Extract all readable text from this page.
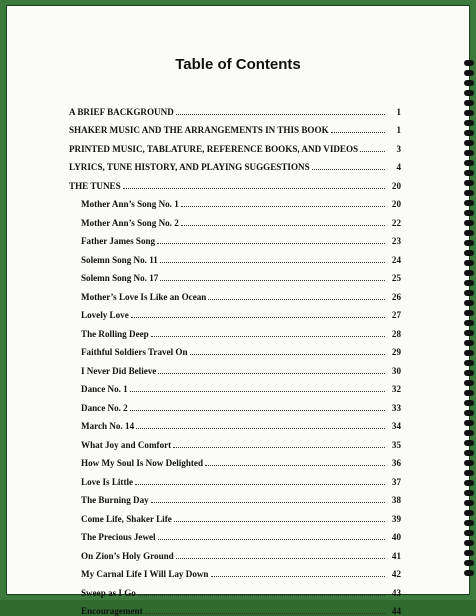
Table of Contents
A BRIEF BACKGROUND	1
SHAKER MUSIC AND THE ARRANGEMENTS IN THIS BOOK	1
PRINTED MUSIC, TABLATURE, REFERENCE BOOKS, AND VIDEOS	3
LYRICS, TUNE HISTORY, AND PLAYING SUGGESTIONS	4
THE TUNES	20
Mother Ann’s Song No. 1	20
Mother Ann’s Song No. 2	22
Father James Song	23
Solemn Song No. 11	24
Solemn Song No. 17	25
Mother’s Love Is Like an Ocean	26
Lovely Love	27
The Rolling Deep	28
Faithful Soldiers Travel On	29
I Never Did Believe	30
Dance No. 1	32
Dance No. 2	33
March No. 14	34
What Joy and Comfort	35
How My Soul Is Now Delighted	36
Love Is Little	37
The Burning Day	38
Come Life, Shaker Life	39
The Precious Jewel	40
On Zion’s Holy Ground	41
My Carnal Life I Will Lay Down	42
Sweep as I Go	43
Encouragement	44
